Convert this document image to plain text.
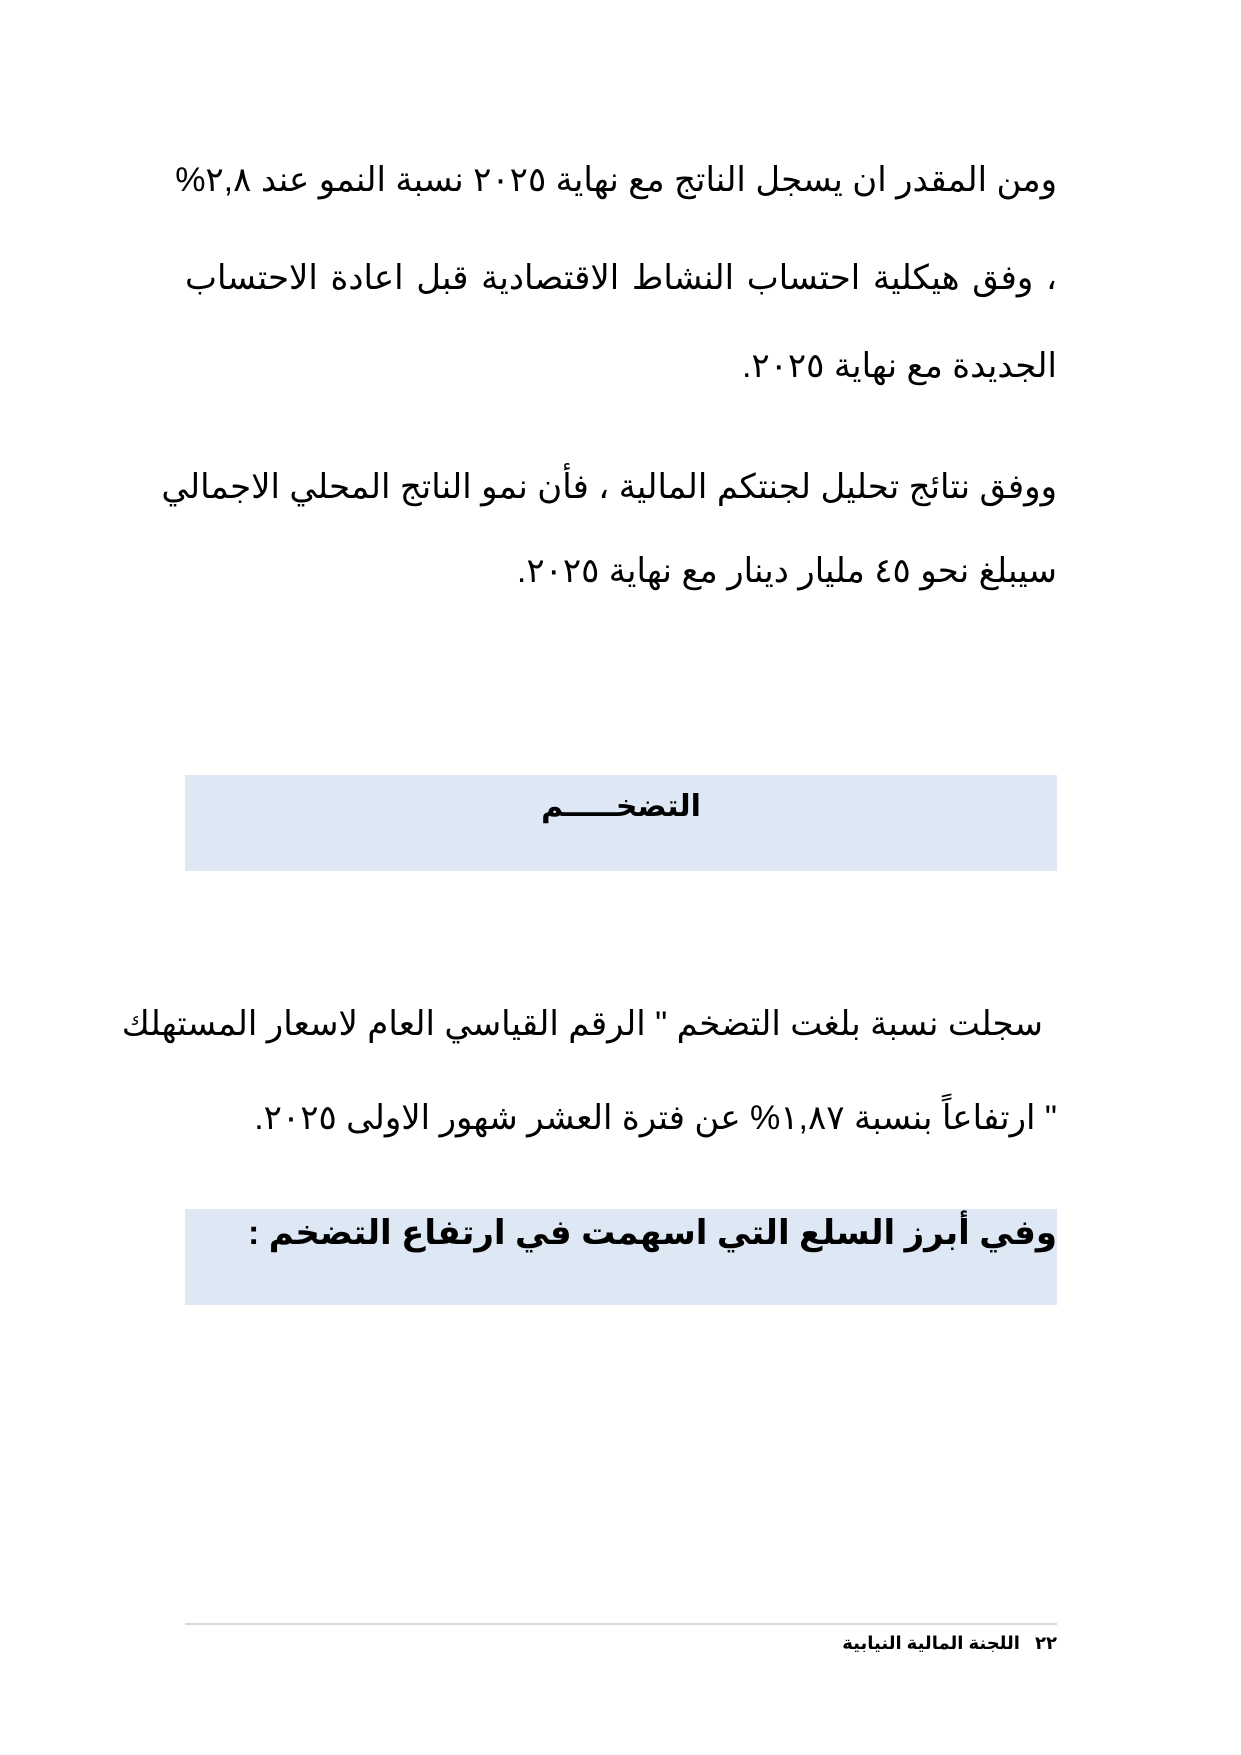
ومن المقدر ان يسجل الناتج مع نهاية ٢٠٢٥ نسبة النمو عند ٢,٨%
، وفق هيكلية احتساب النشاط الاقتصادية قبل اعادة الاحتساب
الجديدة مع نهاية ٢٠٢٥.
ووفق نتائج تحليل لجنتكم المالية ، فأن نمو الناتج المحلي الاجمالي
سيبلغ نحو ٤٥ مليار دينار مع نهاية ٢٠٢٥.
التضخـــــم
سجلت نسبة بلغت التضخم " الرقم القياسي العام لاسعار المستهلك
" ارتفاعاً بنسبة ١,٨٧% عن فترة العشر شهور الاولى ٢٠٢٥.
وفي أبرز السلع التي اسهمت في ارتفاع التضخم :
٢٢   اللجنة المالية النيابية
